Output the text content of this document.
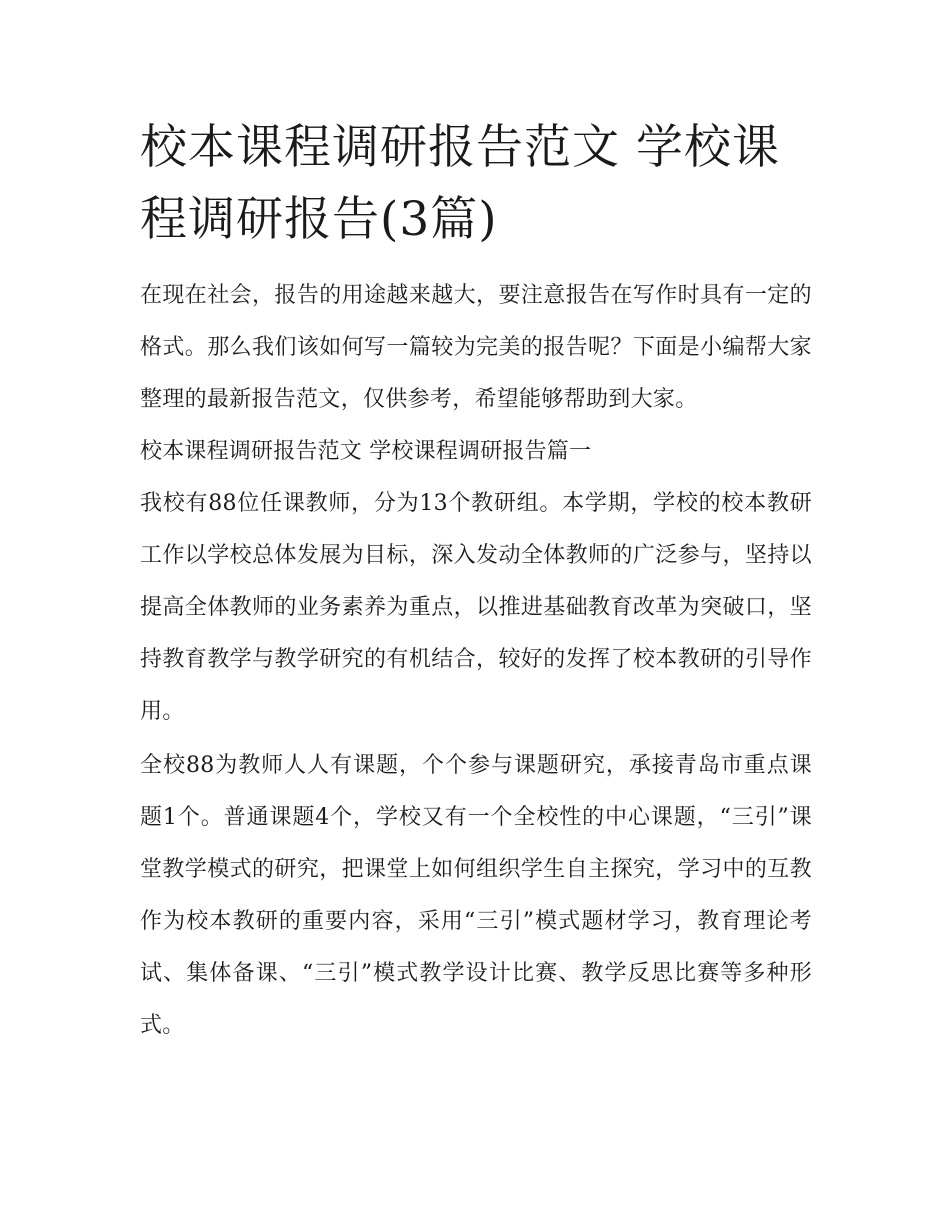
校本课程调研报告范文 学校课程调研报告(3篇)

在现在社会，报告的用途越来越大，要注意报告在写作时具有一定的格式。那么我们该如何写一篇较为完美的报告呢？下面是小编帮大家整理的最新报告范文，仅供参考，希望能够帮助到大家。

校本课程调研报告范文 学校课程调研报告篇一

我校有88位任课教师，分为13个教研组。本学期，学校的校本教研工作以学校总体发展为目标，深入发动全体教师的广泛参与，坚持以提高全体教师的业务素养为重点，以推进基础教育改革为突破口，坚持教育教学与教学研究的有机结合，较好的发挥了校本教研的引导作用。

全校88为教师人人有课题，个个参与课题研究，承接青岛市重点课题1个。普通课题4个，学校又有一个全校性的中心课题，“三引”课堂教学模式的研究，把课堂上如何组织学生自主探究，学习中的互教作为校本教研的重要内容，采用“三引”模式题材学习，教育理论考试、集体备课、“三引”模式教学设计比赛、教学反思比赛等多种形式。
